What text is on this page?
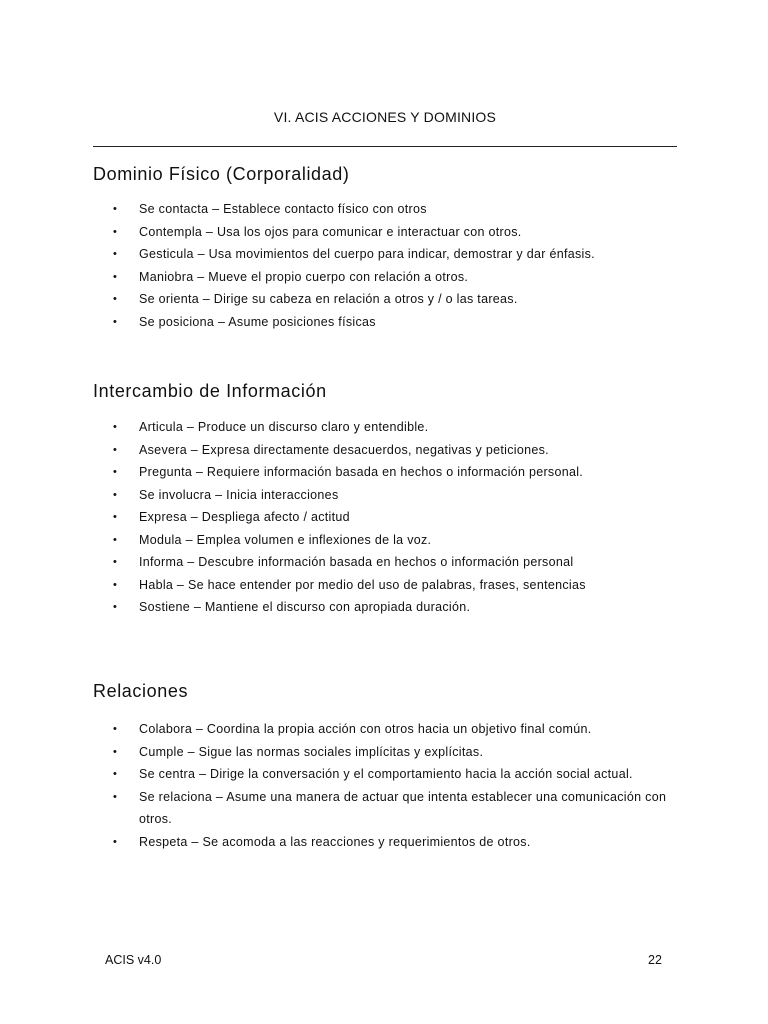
VI. ACIS ACCIONES Y DOMINIOS
Dominio Físico (Corporalidad)
• Se contacta – Establece contacto físico con otros
• Contempla – Usa los ojos para comunicar e interactuar con otros.
• Gesticula – Usa movimientos del cuerpo para indicar, demostrar y dar énfasis.
• Maniobra – Mueve el propio cuerpo con relación a otros.
• Se orienta – Dirige su cabeza en relación a otros y / o las tareas.
• Se posiciona – Asume posiciones físicas
Intercambio de Información
• Articula – Produce un discurso claro y entendible.
• Asevera – Expresa directamente desacuerdos, negativas y peticiones.
• Pregunta – Requiere información basada en hechos o información personal.
• Se involucra – Inicia interacciones
• Expresa – Despliega afecto / actitud
• Modula – Emplea volumen e inflexiones de la voz.
• Informa – Descubre información basada en hechos o información personal
• Habla – Se hace entender por medio del uso de palabras, frases, sentencias
• Sostiene – Mantiene el discurso con apropiada duración.
Relaciones
• Colabora – Coordina la propia acción con otros hacia un objetivo final común.
• Cumple – Sigue las normas sociales implícitas y explícitas.
• Se centra – Dirige la conversación y el comportamiento hacia la acción social actual.
• Se relaciona – Asume una manera de actuar que intenta establecer una comunicación con otros.
• Respeta – Se acomoda a las reacciones y requerimientos de otros.
ACIS v4.0	22
